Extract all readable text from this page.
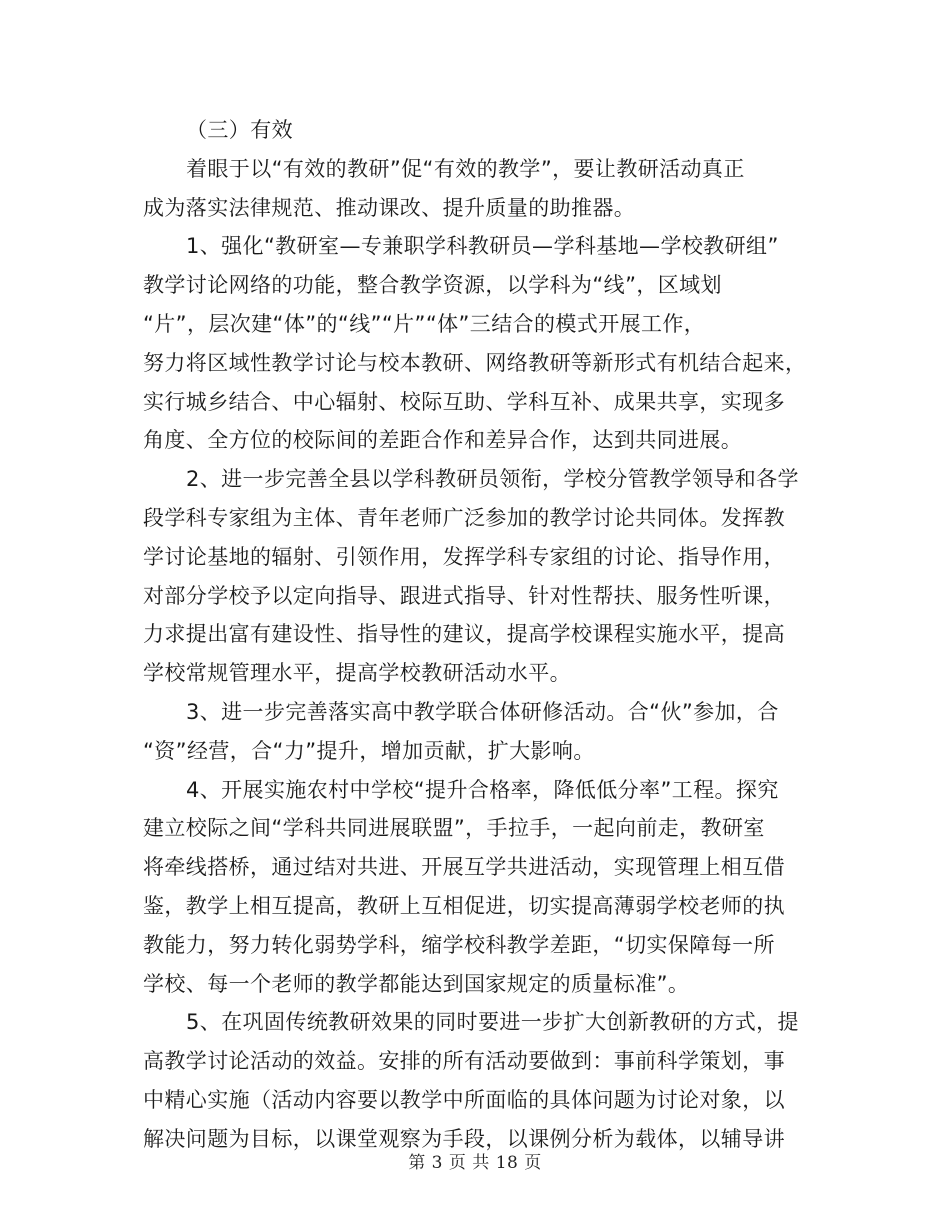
（三）有效
着眼于以“有效的教研”促“有效的教学”，要让教研活动真正
成为落实法律规范、推动课改、提升质量的助推器。
1、强化“教研室—专兼职学科教研员—学科基地—学校教研组”
教学讨论网络的功能，整合教学资源，以学科为“线”，区域划
“片”，层次建“体”的“线”“片”“体”三结合的模式开展工作，
努力将区域性教学讨论与校本教研、网络教研等新形式有机结合起来，
实行城乡结合、中心辐射、校际互助、学科互补、成果共享，实现多
角度、全方位的校际间的差距合作和差异合作，达到共同进展。
2、进一步完善全县以学科教研员领衔，学校分管教学领导和各学
段学科专家组为主体、青年老师广泛参加的教学讨论共同体。发挥教
学讨论基地的辐射、引领作用，发挥学科专家组的讨论、指导作用，
对部分学校予以定向指导、跟进式指导、针对性帮扶、服务性听课，
力求提出富有建设性、指导性的建议，提高学校课程实施水平，提高
学校常规管理水平，提高学校教研活动水平。
3、进一步完善落实高中教学联合体研修活动。合“伙”参加，合
“资”经营，合“力”提升，增加贡献，扩大影响。
4、开展实施农村中学校“提升合格率，降低低分率”工程。探究
建立校际之间“学科共同进展联盟”，手拉手，一起向前走，教研室
将牵线搭桥，通过结对共进、开展互学共进活动，实现管理上相互借
鉴，教学上相互提高，教研上互相促进，切实提高薄弱学校老师的执
教能力，努力转化弱势学科，缩学校科教学差距，“切实保障每一所
学校、每一个老师的教学都能达到国家规定的质量标准”。
5、在巩固传统教研效果的同时要进一步扩大创新教研的方式，提
高教学讨论活动的效益。安排的所有活动要做到：事前科学策划，事
中精心实施（活动内容要以教学中所面临的具体问题为讨论对象，以
解决问题为目标，以课堂观察为手段，以课例分析为载体，以辅导讲
第 3 页 共 18 页
